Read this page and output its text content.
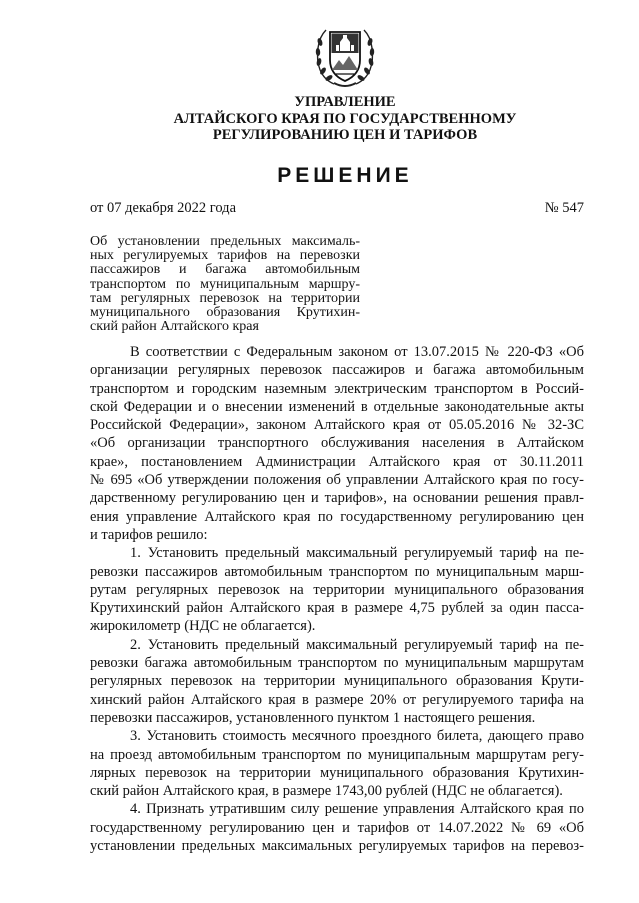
УПРАВЛЕНИЕ
АЛТАЙСКОГО КРАЯ ПО ГОСУДАРСТВЕННОМУ
РЕГУЛИРОВАНИЮ ЦЕН И ТАРИФОВ
РЕШЕНИЕ
от 07 декабря 2022 года	№ 547
Об установлении предельных максималь-
ных регулируемых тарифов на перевозки
пассажиров и багажа автомобильным
транспортом по муниципальным маршру-
там регулярных перевозок на территории
муниципального образования Крутихин-
ский район Алтайского края
В соответствии с Федеральным законом от 13.07.2015 № 220-ФЗ «Об
организации регулярных перевозок пассажиров и багажа автомобильным
транспортом и городским наземным электрическим транспортом в Россий-
ской Федерации и о внесении изменений в отдельные законодательные акты
Российской Федерации», законом Алтайского края от 05.05.2016 № 32-ЗС
«Об организации транспортного обслуживания населения в Алтайском
крае», постановлением Администрации Алтайского края от 30.11.2011
№ 695 «Об утверждении положения об управлении Алтайского края по госу-
дарственному регулированию цен и тарифов», на основании решения правл-
ения управление Алтайского края по государственному регулированию цен
и тарифов решило:
1. Установить предельный максимальный регулируемый тариф на пе-
ревозки пассажиров автомобильным транспортом по муниципальным марш-
рутам регулярных перевозок на территории муниципального образования
Крутихинский район Алтайского края в размере 4,75 рублей за один пасса-
жирокилометр (НДС не облагается).
2. Установить предельный максимальный регулируемый тариф на пе-
ревозки багажа автомобильным транспортом по муниципальным маршрутам
регулярных перевозок на территории муниципального образования Крути-
хинский район Алтайского края в размере 20% от регулируемого тарифа на
перевозки пассажиров, установленного пунктом 1 настоящего решения.
3. Установить стоимость месячного проездного билета, дающего право
на проезд автомобильным транспортом по муниципальным маршрутам регу-
лярных перевозок на территории муниципального образования Крутихин-
ский район Алтайского края, в размере 1743,00 рублей (НДС не облагается).
4. Признать утратившим силу решение управления Алтайского края по
государственному регулированию цен и тарифов от 14.07.2022 № 69 «Об
установлении предельных максимальных регулируемых тарифов на перевоз-
